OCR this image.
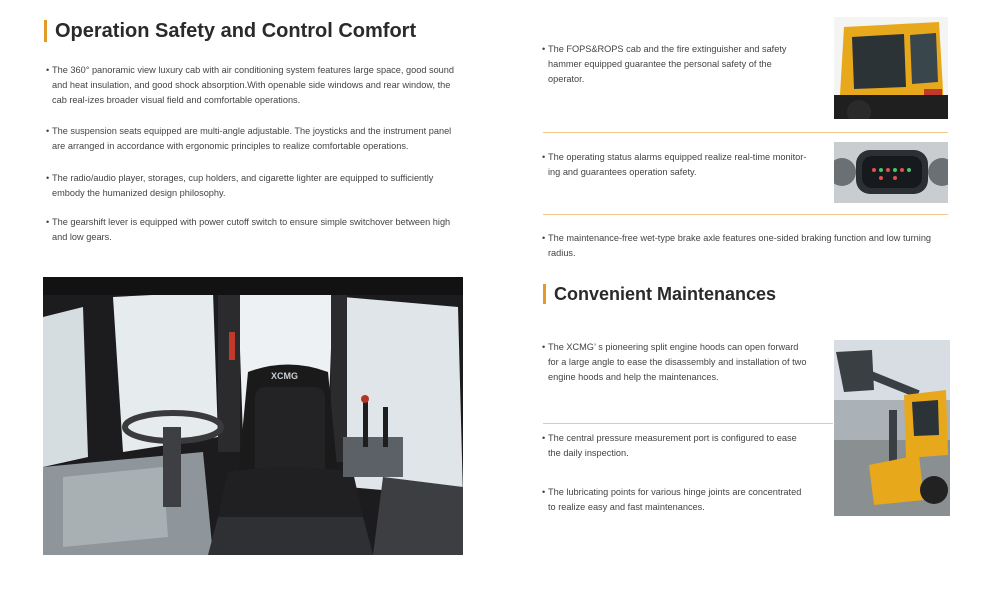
Operation Safety and Control Comfort
• The 360° panoramic view luxury cab with air conditioning system features large space, good sound and heat insulation, and good shock absorption.With openable side windows and rear window, the cab real-izes broader visual field and comfortable operations.
• The suspension seats equipped are multi-angle adjustable. The joysticks and the instrument panel are arranged in accordance with ergonomic principles to realize comfortable operations.
• The radio/audio player, storages, cup holders, and cigarette lighter are equipped to sufficiently embody the humanized design philosophy.
• The gearshift lever is equipped with power cutoff switch to ensure simple switchover between high and low gears.
XCMG
• The FOPS&ROPS cab and the fire extinguisher and safety hammer equipped guarantee the personal safety of the operator.
• The operating status alarms equipped realize real-time monitor-ing and guarantees operation safety.
• The maintenance-free wet-type brake axle features one-sided braking function and low turning radius.
Convenient Maintenances
• The XCMG’ s pioneering split engine hoods can open forward for a large angle to ease the disassembly and installation of two engine hoods and help the maintenances.
• The central pressure measurement port is configured to ease the daily inspection.
• The lubricating points for various hinge joints are concentrated to realize easy and fast maintenances.
